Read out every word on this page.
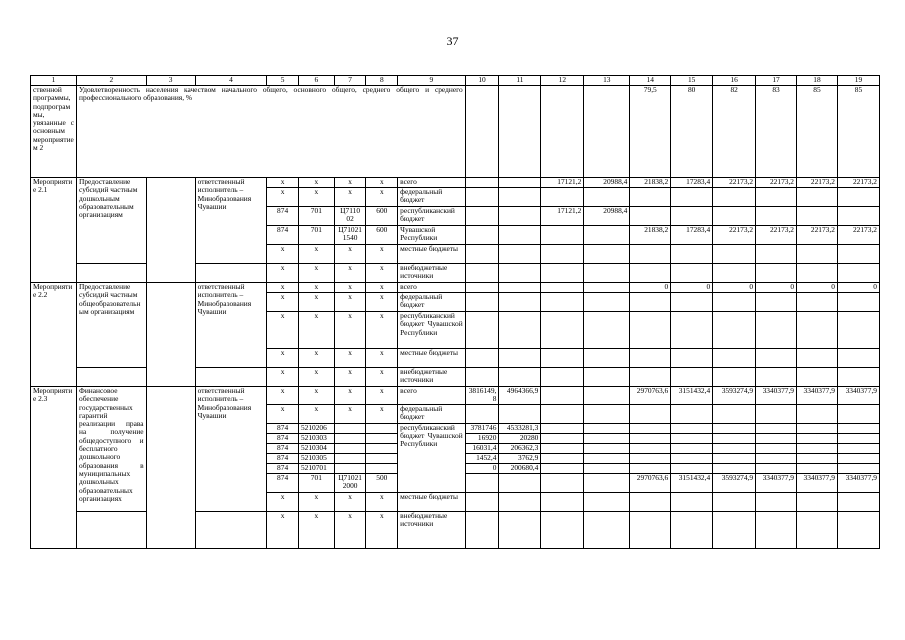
37
1	2	3	4	5	6	7	8	9	10	11	12	13	14	15	16	17	18	19
ственной программы, подпрограммы, увязанные с основным мероприятием 2	Удовлетворенность населения качеством начального общего, основного общего, среднего общего и среднего профессионального образования, %												79,5	80	82	83	85	85
Мероприятие 2.1	Предоставление субсидий частным дошкольным образовательным организациям		ответственный исполнитель – Минобразования Чувашии	х	х	х	х	всего			17121,2	20988,4	21838,2	17283,4	22173,2	22173,2	22173,2	22173,2
				х	х	х	х	федеральный бюджет										
				874	701	Ц7110 02	600	республиканский бюджет			17121,2	20988,4						
				874	701	Ц71021 1540	600	Чувашской Республики					21838,2	17283,4	22173,2	22173,2	22173,2	22173,2
				х	х	х	х	местные бюджеты										
				х	х	х	х	внебюджетные источники										
Мероприятие 2.2	Предоставление субсидий частным общеобразовательным организациям		ответственный исполнитель – Минобразования Чувашии	х	х	х	х	всего					0	0	0	0	0	0
				х	х	х	х	федеральный бюджет										
				х	х	х	х	республиканский бюджет Чувашской Республики										
				х	х	х	х	местные бюджеты										
				х	х	х	х	внебюджетные источники										
Мероприятие 2.3	Финансовое обеспечение государственных гарантий реализации права на получение общедоступного и бесплатного дошкольного образования в муниципальных дошкольных образовательных организациях		ответственный исполнитель – Минобразования Чувашии	х	х	х	х	всего	3816149,8	4964366,9			2970763,6	3151432,4	3593274,9	3340377,9	3340377,9	3340377,9
				х	х	х	х	федеральный бюджет										
				874	5210206			республиканский бюджет Чувашской Республики	3781746	4533281,3								
				874	5210303				16920	20280								
				874	5210304				16031,4	206362,3								
				874	5210305				1452,4	3762,9								
				874	5210701				0	200680,4								
				874	701	Ц71021 2000	500						2970763,6	3151432,4	3593274,9	3340377,9	3340377,9	3340377,9
				х	х	х	х	местные бюджеты										
				х	х	х	х	внебюджетные источники										
